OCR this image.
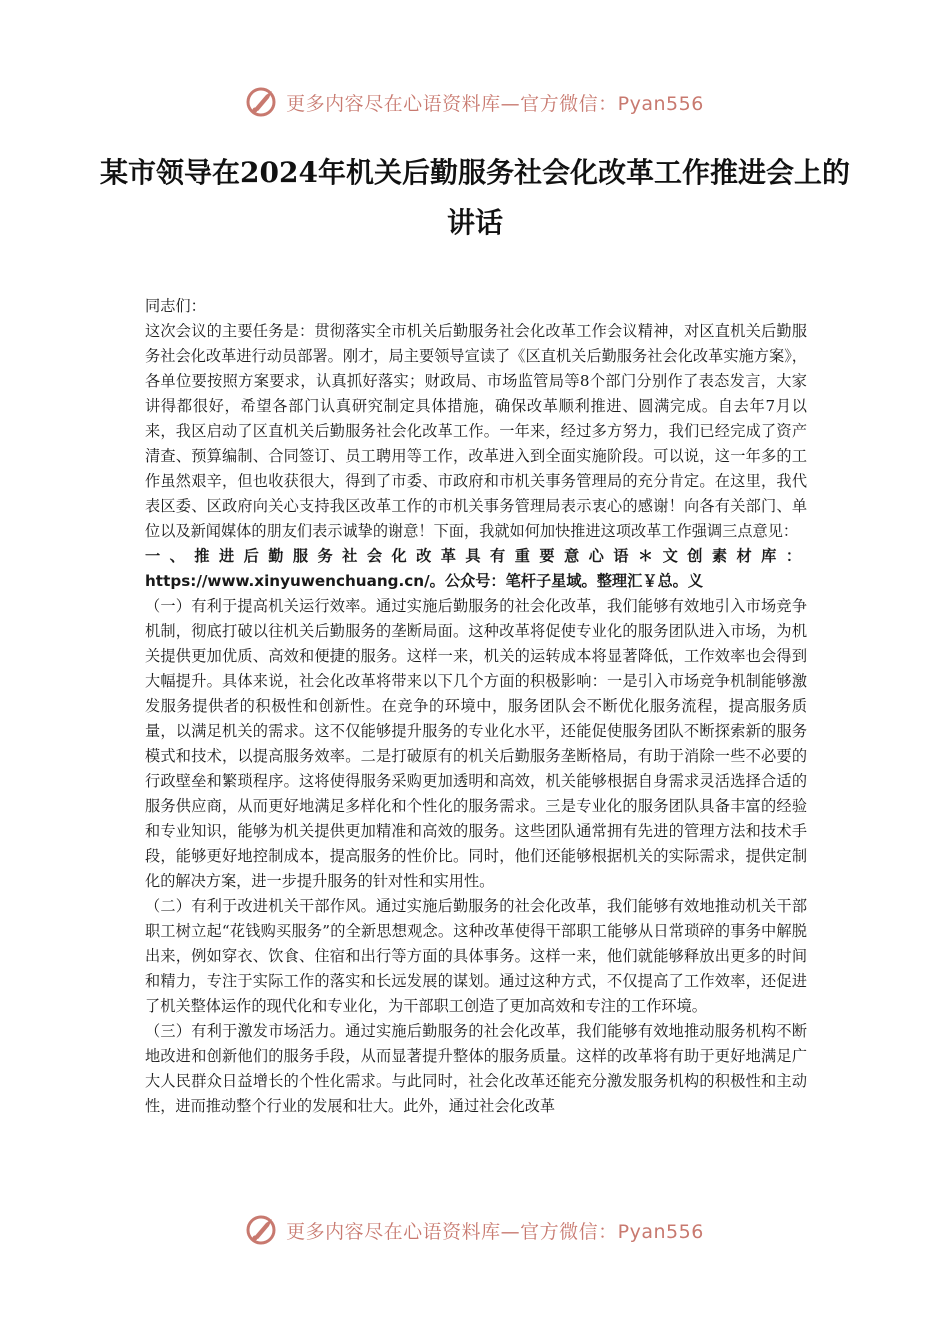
更多内容尽在心语资料库—官方微信：Pyan556
某市领导在2024年机关后勤服务社会化改革工作推进会上的讲话

同志们：

这次会议的主要任务是：贯彻落实全市机关后勤服务社会化改革工作会议精神，对区直机关后勤服务社会化改革进行动员部署。刚才，局主要领导宣读了《区直机关后勤服务社会化改革实施方案》，各单位要按照方案要求，认真抓好落实；财政局、市场监管局等8个部门分别作了表态发言，大家讲得都很好，希望各部门认真研究制定具体措施，确保改革顺利推进、圆满完成。自去年7月以来，我区启动了区直机关后勤服务社会化改革工作。一年来，经过多方努力，我们已经完成了资产清查、预算编制、合同签订、员工聘用等工作，改革进入到全面实施阶段。可以说，这一年多的工作虽然艰辛，但也收获很大，得到了市委、市政府和市机关事务管理局的充分肯定。在这里，我代表区委、区政府向关心支持我区改革工作的市机关事务管理局表示衷心的感谢！向各有关部门、单位以及新闻媒体的朋友们表示诚挚的谢意！下面，我就如何加快推进这项改革工作强调三点意见：

一、推进后勤服务社会化改革具有重要意心语＊文创素材库： https://www.xinyuwenchuang.cn/。公众号：笔杆子星域。整理汇￥总。义

（一）有利于提高机关运行效率。通过实施后勤服务的社会化改革，我们能够有效地引入市场竞争机制，彻底打破以往机关后勤服务的垄断局面。这种改革将促使专业化的服务团队进入市场，为机关提供更加优质、高效和便捷的服务。这样一来，机关的运转成本将显著降低，工作效率也会得到大幅提升。具体来说，社会化改革将带来以下几个方面的积极影响：一是引入市场竞争机制能够激发服务提供者的积极性和创新性。在竞争的环境中，服务团队会不断优化服务流程，提高服务质量，以满足机关的需求。这不仅能够提升服务的专业化水平，还能促使服务团队不断探索新的服务模式和技术，以提高服务效率。二是打破原有的机关后勤服务垄断格局，有助于消除一些不必要的行政壁垒和繁琐程序。这将使得服务采购更加透明和高效，机关能够根据自身需求灵活选择合适的服务供应商，从而更好地满足多样化和个性化的服务需求。三是专业化的服务团队具备丰富的经验和专业知识，能够为机关提供更加精准和高效的服务。这些团队通常拥有先进的管理方法和技术手段，能够更好地控制成本，提高服务的性价比。同时，他们还能够根据机关的实际需求，提供定制化的解决方案，进一步提升服务的针对性和实用性。

（二）有利于改进机关干部作风。通过实施后勤服务的社会化改革，我们能够有效地推动机关干部职工树立起“花钱购买服务”的全新思想观念。这种改革使得干部职工能够从日常琐碎的事务中解脱出来，例如穿衣、饮食、住宿和出行等方面的具体事务。这样一来，他们就能够释放出更多的时间和精力，专注于实际工作的落实和长远发展的谋划。通过这种方式，不仅提高了工作效率，还促进了机关整体运作的现代化和专业化，为干部职工创造了更加高效和专注的工作环境。

（三）有利于激发市场活力。通过实施后勤服务的社会化改革，我们能够有效地推动服务机构不断地改进和创新他们的服务手段，从而显著提升整体的服务质量。这样的改革将有助于更好地满足广大人民群众日益增长的个性化需求。与此同时，社会化改革还能充分激发服务机构的积极性和主动性，进而推动整个行业的发展和壮大。此外，通过社会化改革

更多内容尽在心语资料库—官方微信：Pyan556
